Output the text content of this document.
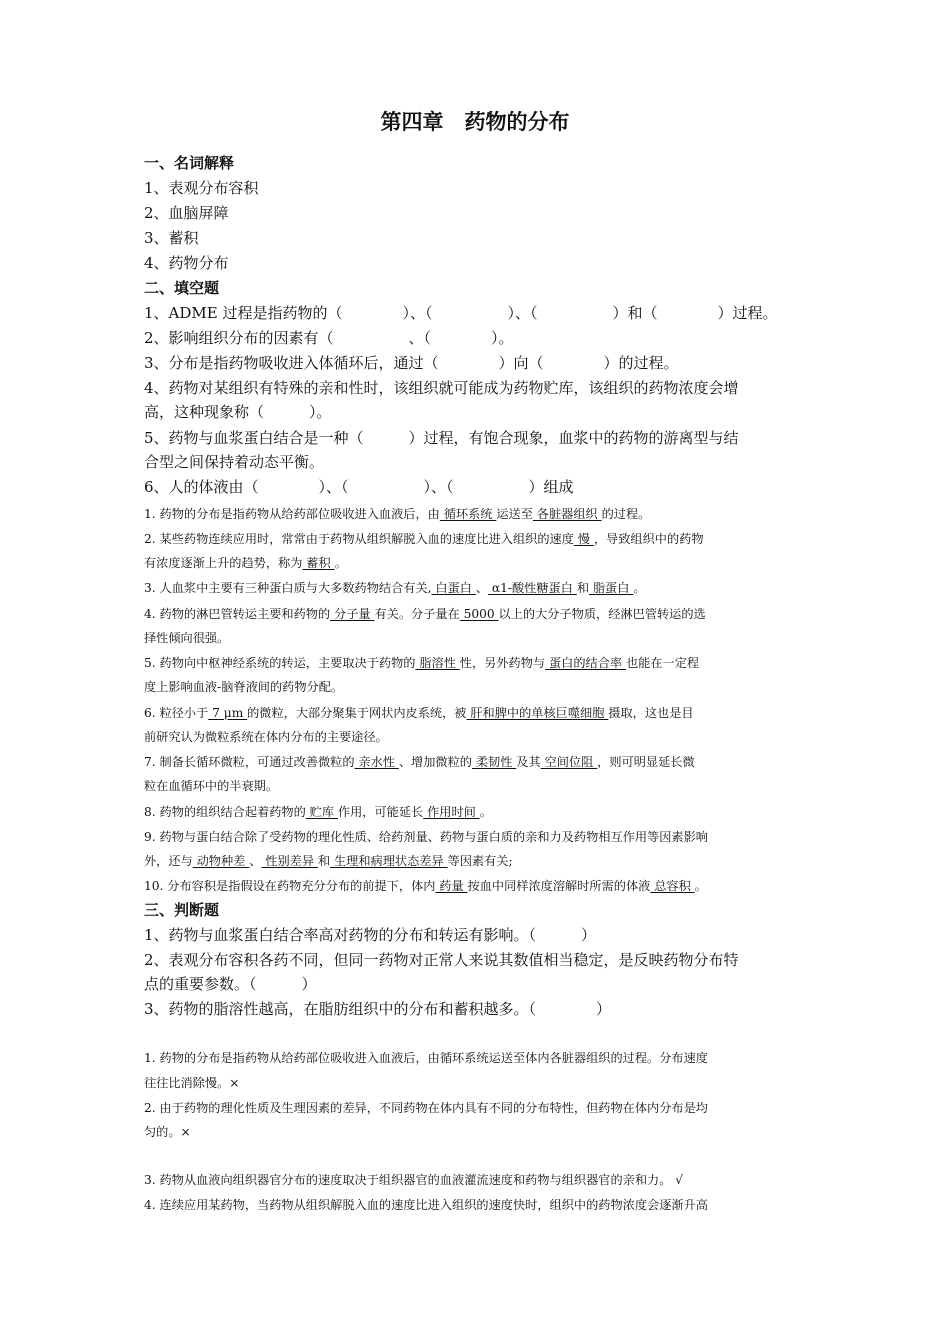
第四章　药物的分布
一、名词解释
1、表观分布容积
2、血脑屏障
3、蓄积
4、药物分布
二、填空题
1、ADME 过程是指药物的（　　　　）、（　　　　　）、（　　　　　）和（　　　　）过程。
2、影响组织分布的因素有（　　　　　、（　　　　）。
3、分布是指药物吸收进入体循环后，通过（　　　　）向（　　　　）的过程。
4、药物对某组织有特殊的亲和性时，该组织就可能成为药物贮库，该组织的药物浓度会增
高，这种现象称（　　　）。
5、药物与血浆蛋白结合是一种（　　　）过程，有饱合现象，血浆中的药物的游离型与结
合型之间保持着动态平衡。
6、人的体液由（　　　　）、（　　　　　）、（　　　　　）组成
1. 药物的分布是指药物从给药部位吸收进入血液后，由 循环系统 运送至 各脏器组织 的过程。
2. 某些药物连续应用时，常常由于药物从组织解脱入血的速度比进入组织的速度 慢 ，导致组织中的药物
有浓度逐渐上升的趋势，称为 蓄积 。
3. 人血浆中主要有三种蛋白质与大多数药物结合有关, 白蛋白 、 α1-酸性糖蛋白 和 脂蛋白 。
4. 药物的淋巴管转运主要和药物的 分子量 有关。分子量在 5000 以上的大分子物质，经淋巴管转运的选
择性倾向很强。
5. 药物向中枢神经系统的转运，主要取决于药物的 脂溶性 性，另外药物与 蛋白的结合率 也能在一定程
度上影响血液-脑脊液间的药物分配。
6. 粒径小于 7 μm 的微粒，大部分聚集于网状内皮系统，被 肝和脾中的单核巨噬细胞 摄取，这也是目
前研究认为微粒系统在体内分布的主要途径。
7. 制备长循环微粒，可通过改善微粒的 亲水性 、增加微粒的 柔韧性 及其 空间位阻 ，则可明显延长微
粒在血循环中的半衰期。
8. 药物的组织结合起着药物的 贮库 作用，可能延长 作用时间 。
9. 药物与蛋白结合除了受药物的理化性质、给药剂量、药物与蛋白质的亲和力及药物相互作用等因素影响
外，还与 动物种差 、 性别差异 和 生理和病理状态差异 等因素有关;
10. 分布容积是指假设在药物充分分布的前提下，体内 药量 按血中同样浓度溶解时所需的体液 总容积 。
三、判断题
1、药物与血浆蛋白结合率高对药物的分布和转运有影响。（　　　）
2、表观分布容积各药不同，但同一药物对正常人来说其数值相当稳定，是反映药物分布特
点的重要参数。（　　　）
3、药物的脂溶性越高，在脂肪组织中的分布和蓄积越多。（　　　　）
1. 药物的分布是指药物从给药部位吸收进入血液后，由循环系统运送至体内各脏器组织的过程。分布速度
往往比消除慢。×
2. 由于药物的理化性质及生理因素的差异，不同药物在体内具有不同的分布特性，但药物在体内分布是均
匀的。×
3. 药物从血液向组织器官分布的速度取决于组织器官的血液灌流速度和药物与组织器官的亲和力。 √
4. 连续应用某药物，当药物从组织解脱入血的速度比进入组织的速度快时，组织中的药物浓度会逐渐升高
